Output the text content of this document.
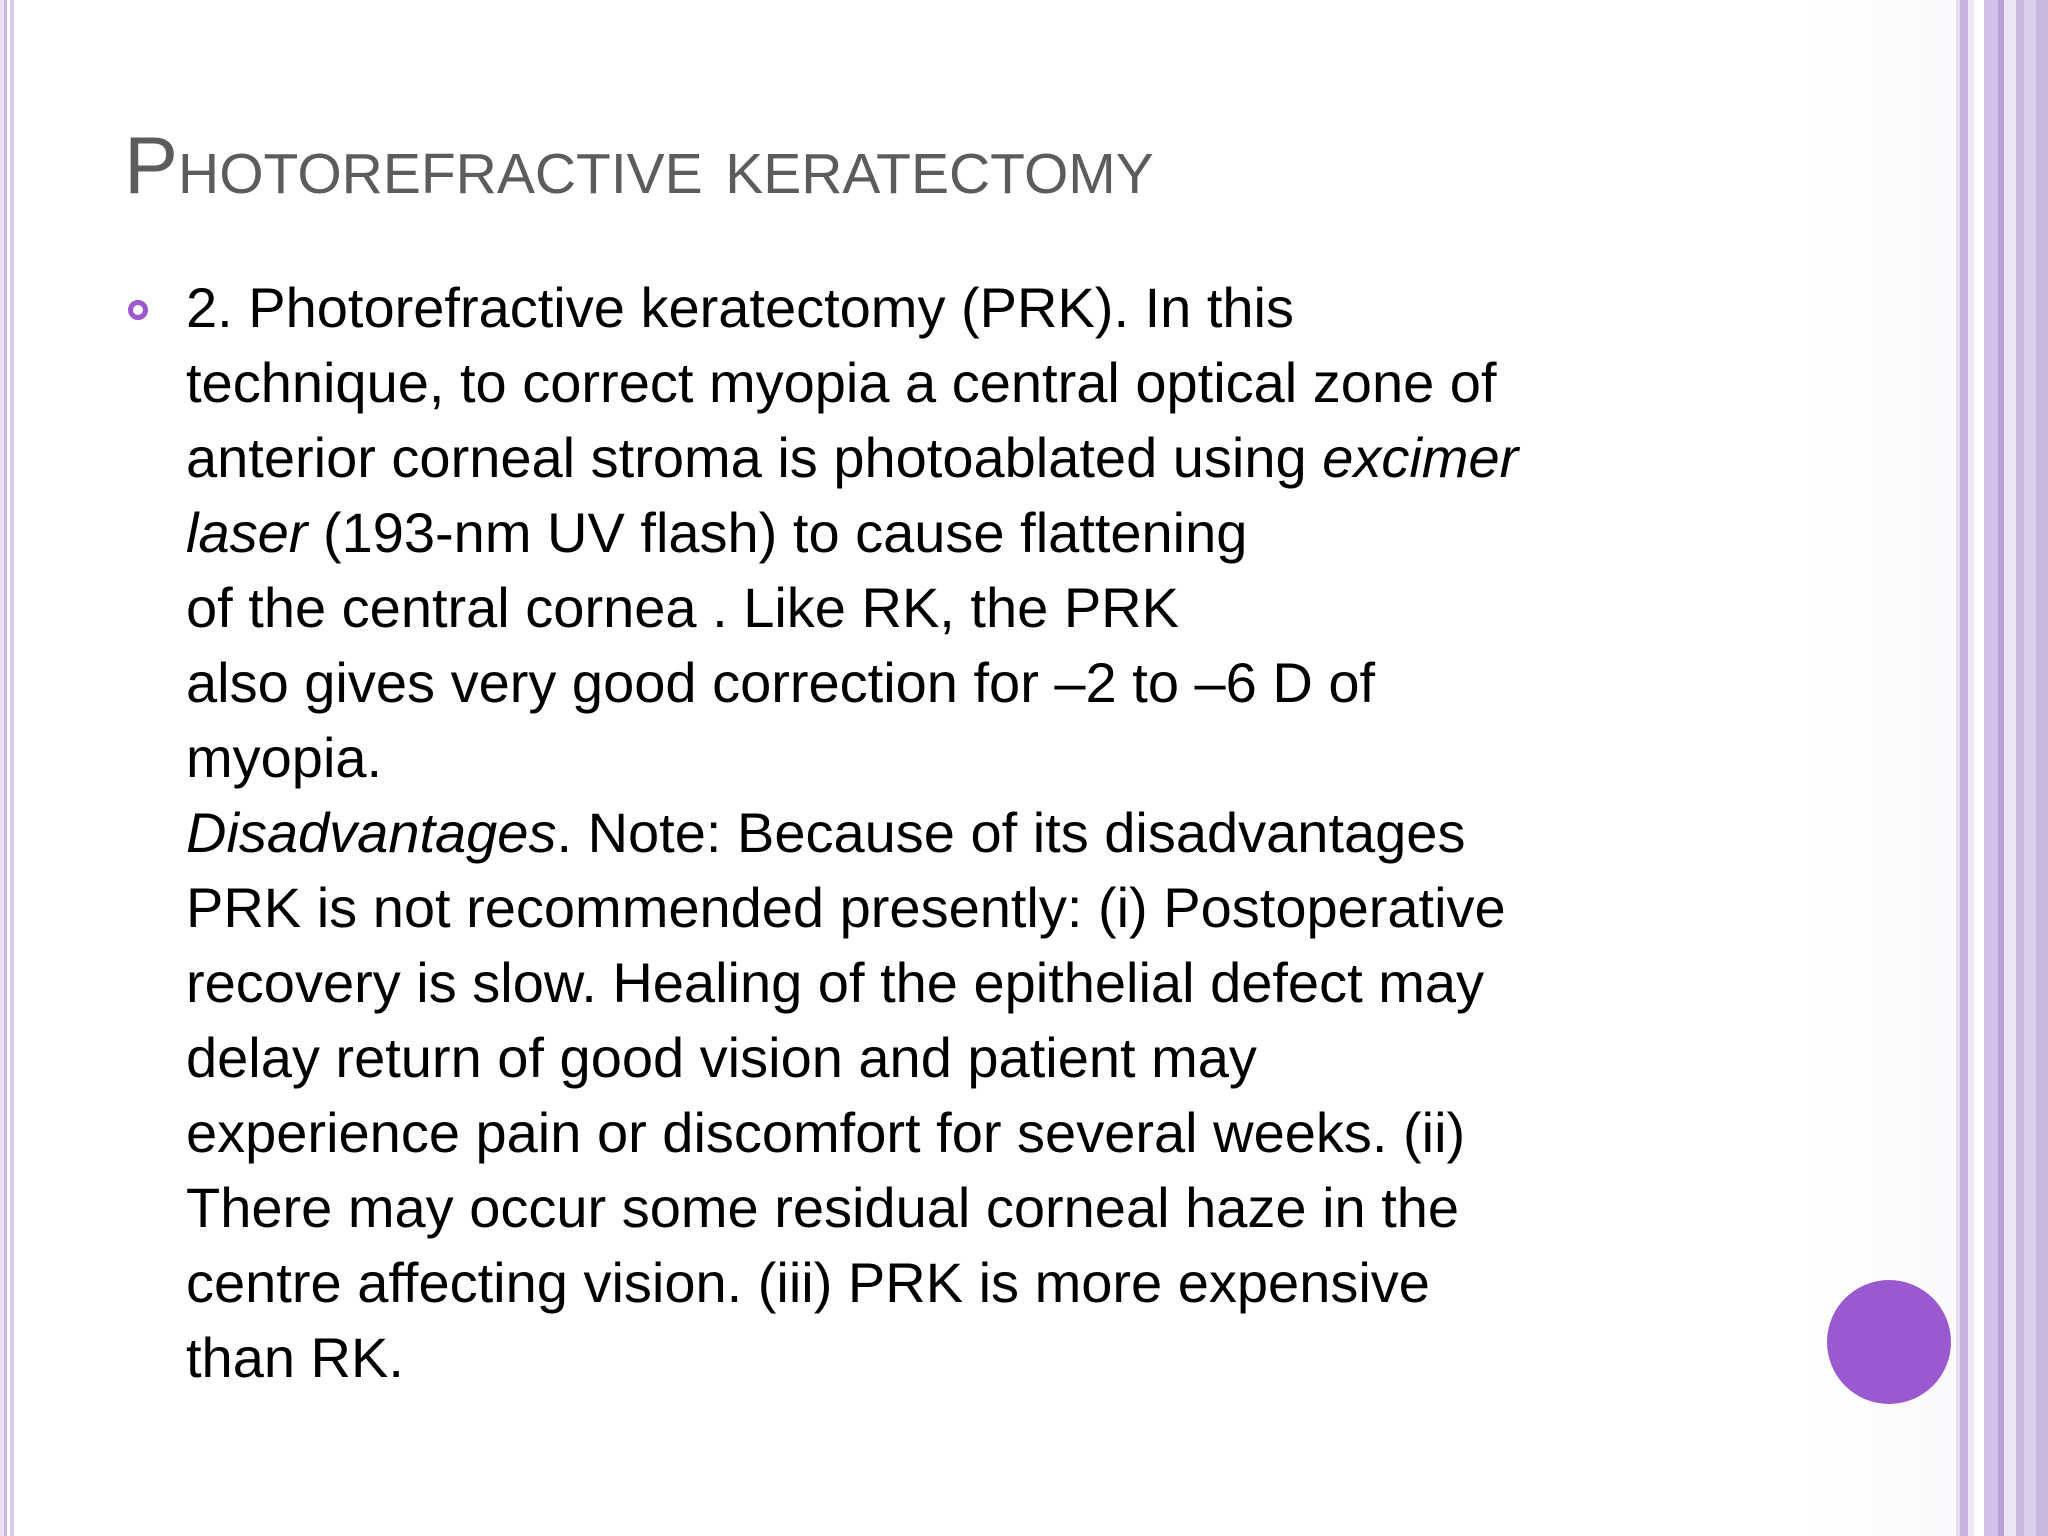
Photorefractive keratectomy

2. Photorefractive keratectomy (PRK). In this
technique, to correct myopia a central optical zone of
anterior corneal stroma is photoablated using excimer
laser (193-nm UV flash) to cause flattening
of the central cornea . Like RK, the PRK
also gives very good correction for –2 to –6 D of
myopia.
Disadvantages. Note: Because of its disadvantages
PRK is not recommended presently: (i) Postoperative
recovery is slow. Healing of the epithelial defect may
delay return of good vision and patient may
experience pain or discomfort for several weeks. (ii)
There may occur some residual corneal haze in the
centre affecting vision. (iii) PRK is more expensive
than RK.
